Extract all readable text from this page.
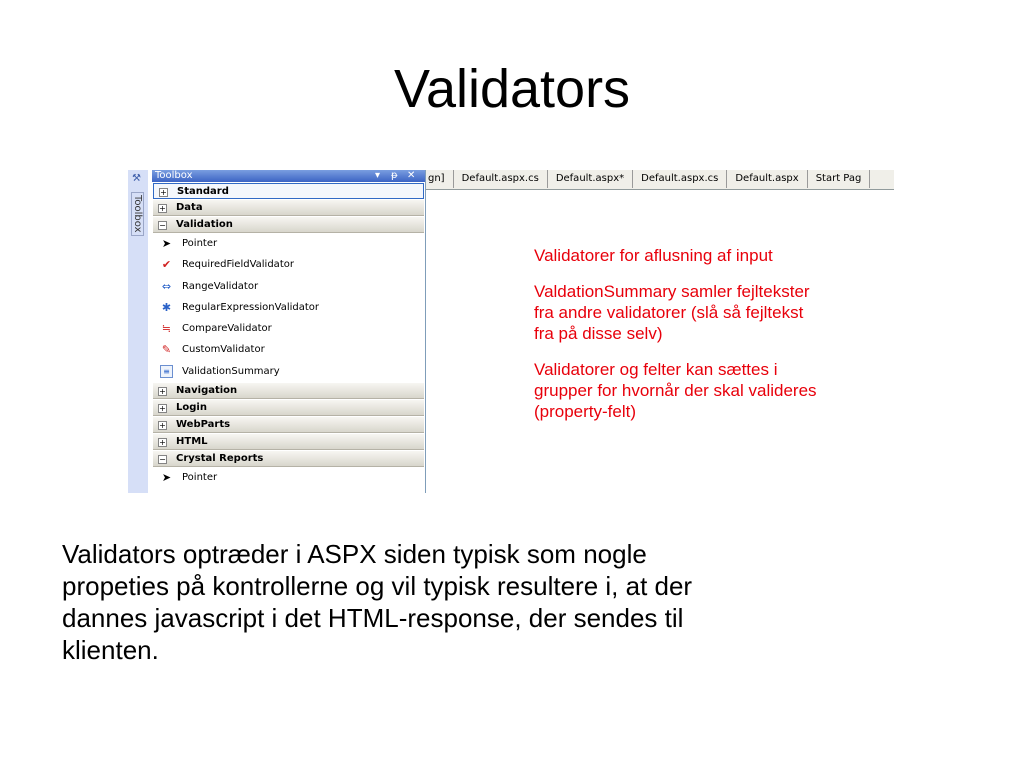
Validators
⚒
Toolbox
Toolbox	▾ ᵽ ✕
+ Standard
+ Data
− Validation
➤ Pointer
✔ RequiredFieldValidator
⇔ RangeValidator
✱ RegularExpressionValidator
≒ CompareValidator
✎ CustomValidator
≡	ValidationSummary
+ Navigation
+ Login
+ WebParts
+ HTML
− Crystal Reports
➤ Pointer
gn] Default.aspx.cs Default.aspx* Default.aspx.cs Default.aspx Start Pag

Validatorer for aflusning af input

ValdationSummary samler fejltekster
fra andre validatorer (slå så fejltekst
fra på disse selv)

Validatorer og felter kan sættes i
grupper for hvornår der skal valideres
(property-felt)

Validators optræder i ASPX siden typisk som nogle
propeties på kontrollerne og vil typisk resultere i, at der
dannes javascript i det HTML-response, der sendes til
klienten.
